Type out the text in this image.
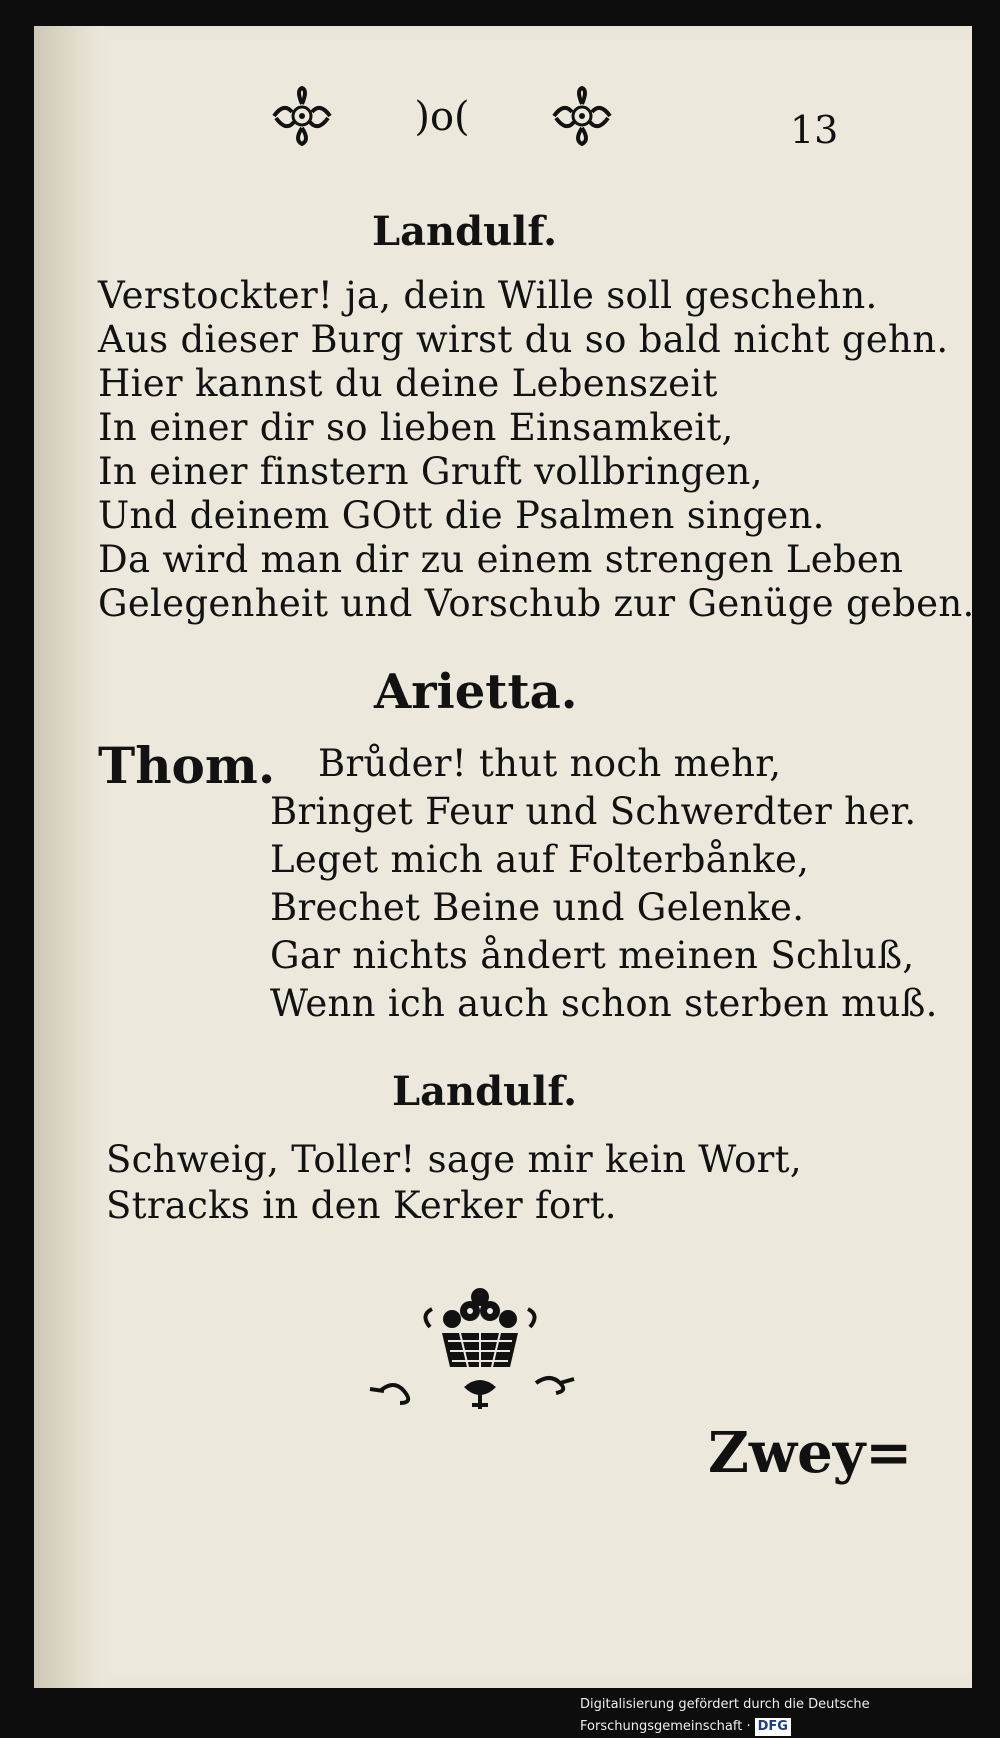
)o(	13
Landulf.
Verstockter! ja, dein Wille soll geschehn.
Aus dieser Burg wirst du so bald nicht gehn.
Hier kannst du deine Lebenszeit
In einer dir so lieben Einsamkeit,
In einer finstern Gruft vollbringen,
Und deinem GOtt die Psalmen singen.
Da wird man dir zu einem strengen Leben
Gelegenheit und Vorschub zur Genüge geben.
Arietta.
Thom. Brůder! thut noch mehr,
Bringet Feur und Schwerdter her.
Leget mich auf Folterbånke,
Brechet Beine und Gelenke.
Gar nichts åndert meinen Schluß,
Wenn ich auch schon sterben muß.
Landulf.
Schweig, Toller! sage mir kein Wort,
Stracks in den Kerker fort.
Zwey=
Digitalisierung gefördert durch die Deutsche Forschungsgemeinschaft · DFG
